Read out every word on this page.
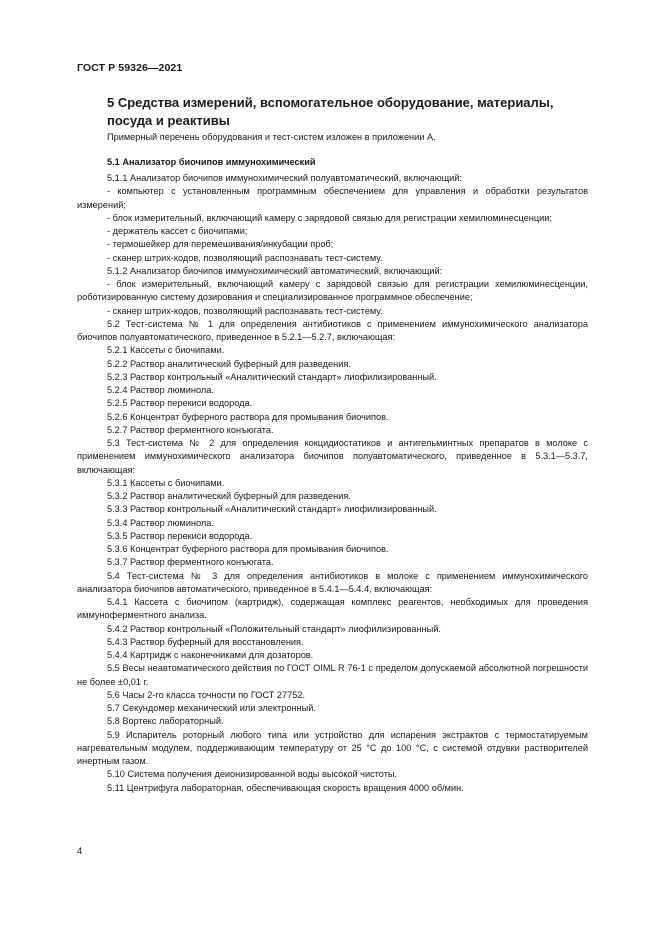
ГОСТ Р 59326—2021
5 Средства измерений, вспомогательное оборудование, материалы, посуда и реактивы
Примерный перечень оборудования и тест-систем изложен в приложении А.
5.1 Анализатор биочипов иммунохимический

5.1.1 Анализатор биочипов иммунохимический полуавтоматический, включающий:

- компьютер с установленным программным обеспечением для управления и обработки результатов измерений;

- блок измерительный, включающий камеру с зарядовой связью для регистрации хемилюминесценции;

- держатель кассет с биочипами;

- термошейкер для перемешивания/инкубации проб;

- сканер штрих-кодов, позволяющий распознавать тест-систему.

5.1.2 Анализатор биочипов иммунохимический автоматический, включающий:

- блок измерительный, включающий камеру с зарядовой связью для регистрации хемилюминесценции, роботизированную систему дозирования и специализированное программное обеспечение;

- сканер штрих-кодов, позволяющий распознавать тест-систему.

5.2 Тест-система № 1 для определения антибиотиков с применением иммунохимического анализатора биочипов полуавтоматического, приведенное в 5.2.1—5.2.7, включающая:

5.2.1 Кассеты с биочипами.

5.2.2 Раствор аналитический буферный для разведения.

5.2.3 Раствор контрольный «Аналитический стандарт» лиофилизированный.

5.2.4 Раствор люминола.

5.2.5 Раствор перекиси водорода.

5.2.6 Концентрат буферного раствора для промывания биочипов.

5.2.7 Раствор ферментного конъюгата.

5.3 Тест-система № 2 для определения кокцидиостатиков и антигельминтных препаратов в молоке с применением иммунохимического анализатора биочипов полуавтоматического, приведенное в 5.3.1—5.3.7, включающая:

5.3.1 Кассеты с биочипами.

5.3.2 Раствор аналитический буферный для разведения.

5.3.3 Раствор контрольный «Аналитический стандарт» лиофилизированный.

5.3.4 Раствор люминола.

5.3.5 Раствор перекиси водорода.

5.3.6 Концентрат буферного раствора для промывания биочипов.

5.3.7 Раствор ферментного конъюгата.

5.4 Тест-система № 3 для определения антибиотиков в молоке с применением иммунохимического анализатора биочипов автоматического, приведенное в 5.4.1—5.4.4, включающая:

5.4.1 Кассета с биочипом (картридж), содержащая комплекс реагентов, необходимых для проведения иммуноферментного анализа.

5.4.2 Раствор контрольный «Положительный стандарт» лиофилизированный.

5.4.3 Раствор буферный для восстановления.

5.4.4 Картридж с наконечниками для дозаторов.

5.5 Весы неавтоматического действия по ГОСТ OIML R 76-1 с пределом допускаемой абсолютной погрешности не более ±0,01 г.

5.6 Часы 2-го класса точности по ГОСТ 27752.

5.7 Секундомер механический или электронный.

5.8 Вортекс лабораторный.

5.9 Испаритель роторный любого типа или устройство для испарения экстрактов с термостатируемым нагревательным модулем, поддерживающим температуру от 25 °С до 100 °С, с системой отдувки растворителей инертным газом.

5.10 Система получения деионизированной воды высокой чистоты.

5.11 Центрифуга лабораторная, обеспечивающая скорость вращения 4000 об/мин.

4
